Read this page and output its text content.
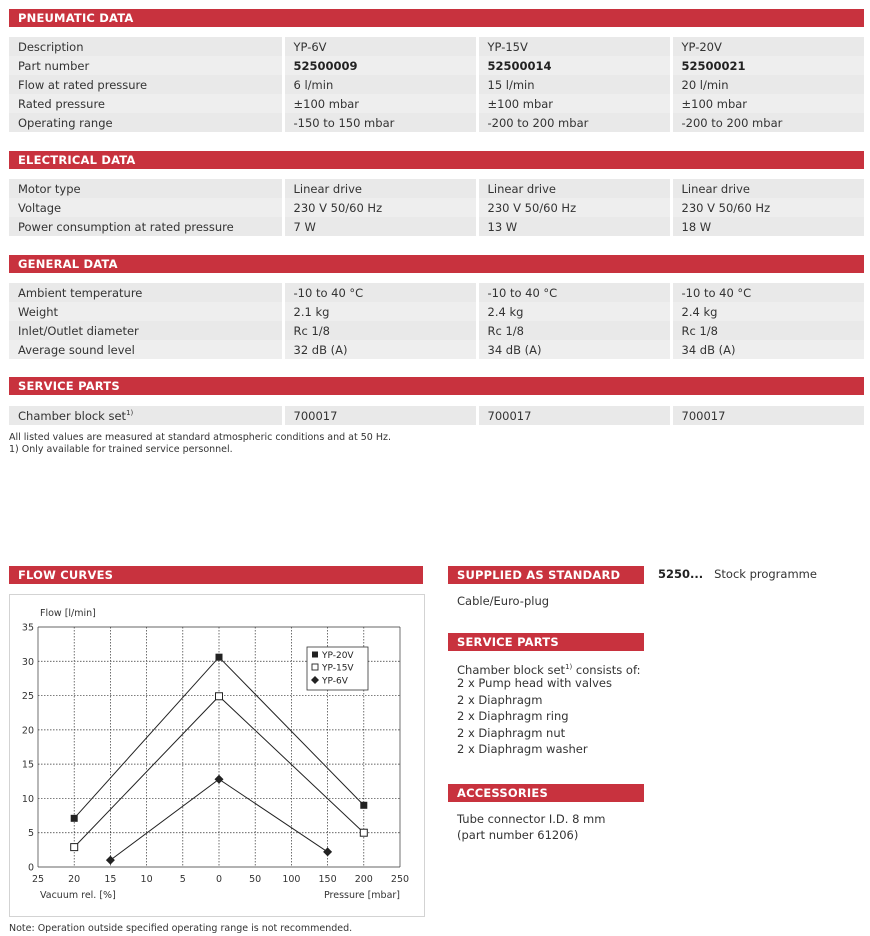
PNEUMATIC DATA
Description	YP-6V	YP-15V	YP-20V
Part number	52500009	52500014	52500021
Flow at rated pressure	6 l/min	15 l/min	20 l/min
Rated pressure	±100 mbar	±100 mbar	±100 mbar
Operating range	-150 to 150 mbar	-200 to 200 mbar	-200 to 200 mbar
ELECTRICAL DATA
Motor type	Linear drive	Linear drive	Linear drive
Voltage	230 V 50/60 Hz	230 V 50/60 Hz	230 V 50/60 Hz
Power consumption at rated pressure	7 W	13 W	18 W
GENERAL DATA
Ambient temperature	-10 to 40 °C	-10 to 40 °C	-10 to 40 °C
Weight	2.1 kg	2.4 kg	2.4 kg
Inlet/Outlet diameter	Rc 1/8	Rc 1/8	Rc 1/8
Average sound level	32 dB (A)	34 dB (A)	34 dB (A)
SERVICE PARTS
Chamber block set$^{1)}$	700017	700017	700017
All listed values are measured at standard atmospheric conditions and at 50 Hz.
1) Only available for trained service personnel.
FLOW CURVES
Flow [l/min]
Vacuum rel. [%]	Pressure [mbar]
25	20	15	10	5	0	50 100 150 200 250
0
5
10
15
20
25
30
35
YP-20V
YP-15V
YP-6V
Note: Operation outside specified operating range is not recommended.
SUPPLIED AS STANDARD	5250... Stock programme
Cable/Euro-plug
SERVICE PARTS
Chamber block set$^{1)}$ consists of:
2 x Pump head with valves
2 x Diaphragm
2 x Diaphragm ring
2 x Diaphragm nut
2 x Diaphragm washer
ACCESSORIES
Tube connector I.D. 8 mm
(part number 61206)
